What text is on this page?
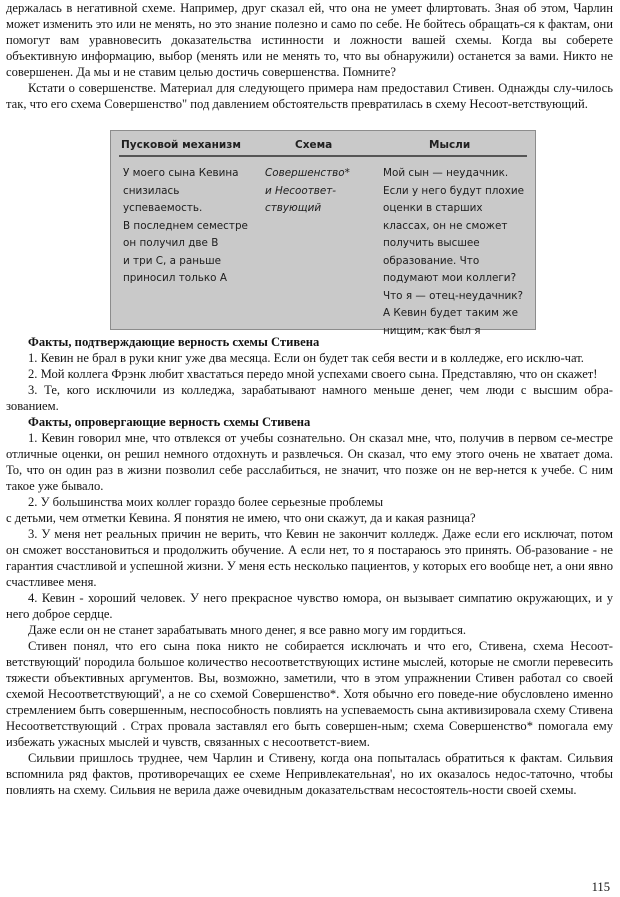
держалась в негативной схеме. Например, друг сказал ей, что она не умеет флиртовать. Зная об этом, Чарлин может изменить это или не менять, но это знание полезно и само по себе. Не бойтесь обращать-ся к фактам, они помогут вам уравновесить доказательства истинности и ложности вашей схемы. Когда вы соберете объективную информацию, выбор (менять или не менять то, что вы обнаружили) останется за вами. Никто не совершенен. Да мы и не ставим целью достичь совершенства. Помните?

Кстати о совершенстве. Материал для следующего примера нам предоставил Стивен. Однажды слу-чилось так, что его схема Совершенство" под давлением обстоятельств превратилась в схему Несоот-ветствующий.

Пусковой механизм	Схема	Мысли
У моего сына Кевина
снизилась
успеваемость.
В последнем семестре
он получил две В
и три С, а раньше
приносил только А
Совершенство*
и Несоответ-
ствующий
Мой сын — неудачник.
Если у него будут плохие
оценки в старших
классах, он не сможет
получить высшее
образование. Что
подумают мои коллеги?
Что я — отец-неудачник?
А Кевин будет таким же
нищим, как был я

Факты, подтверждающие верность схемы Стивена

1. Кевин не брал в руки книг уже два месяца. Если он будет так себя вести и в колледже, его исклю-чат.

2. Мой коллега Фрэнк любит хвастаться передо мной успехами своего сына. Представляю, что он скажет!

3. Те, кого исключили из колледжа, зарабатывают намного меньше денег, чем люди с высшим обра-зованием.

Факты, опровергающие верность схемы Стивена

1. Кевин говорил мне, что отвлекся от учебы сознательно. Он сказал мне, что, получив в первом се-местре отличные оценки, он решил немного отдохнуть и развлечься. Он сказал, что ему этого очень не хватает дома. То, что он один раз в жизни позволил себе расслабиться, не значит, что позже он не вер-нется к учебе. С ним такое уже бывало.

2. У большинства моих коллег гораздо более серьезные проблемы

с детьми, чем отметки Кевина. Я понятия не имею, что они скажут, да и какая разница?

3. У меня нет реальных причин не верить, что Кевин не закончит колледж. Даже если его исключат, потом он сможет восстановиться и продолжить обучение. А если нет, то я постараюсь это принять. Об-разование - не гарантия счастливой и успешной жизни. У меня есть несколько пациентов, у которых его вообще нет, а они явно счастливее меня.

4. Кевин - хороший человек. У него прекрасное чувство юмора, он вызывает симпатию окружающих, и у него доброе сердце.

Даже если он не станет зарабатывать много денег, я все равно могу им гордиться.

Стивен понял, что его сына пока никто не собирается исключать и что его, Стивена, схема Несоот-ветствующий' породила большое количество несоответствующих истине мыслей, которые не смогли перевесить тяжести объективных аргументов. Вы, возможно, заметили, что в этом упражнении Стивен работал со своей схемой Несоответствующий', а не со схемой Совершенство*. Хотя обычно его поведе-ние обусловлено именно стремлением быть совершенным, неспособность повлиять на успеваемость сына активизировала схему Стивена Несоответствующий . Страх провала заставлял его быть совершен-ным; схема Совершенство* помогала ему избежать ужасных мыслей и чувств, связанных с несоответст-вием.

Сильвии пришлось труднее, чем Чарлин и Стивену, когда она попыталась обратиться к фактам. Сильвия вспомнила ряд фактов, противоречащих ее схеме Непривлекательная', но их оказалось недос-таточно, чтобы повлиять на схему. Сильвия не верила даже очевидным доказательствам несостоятель-ности своей схемы.

115
